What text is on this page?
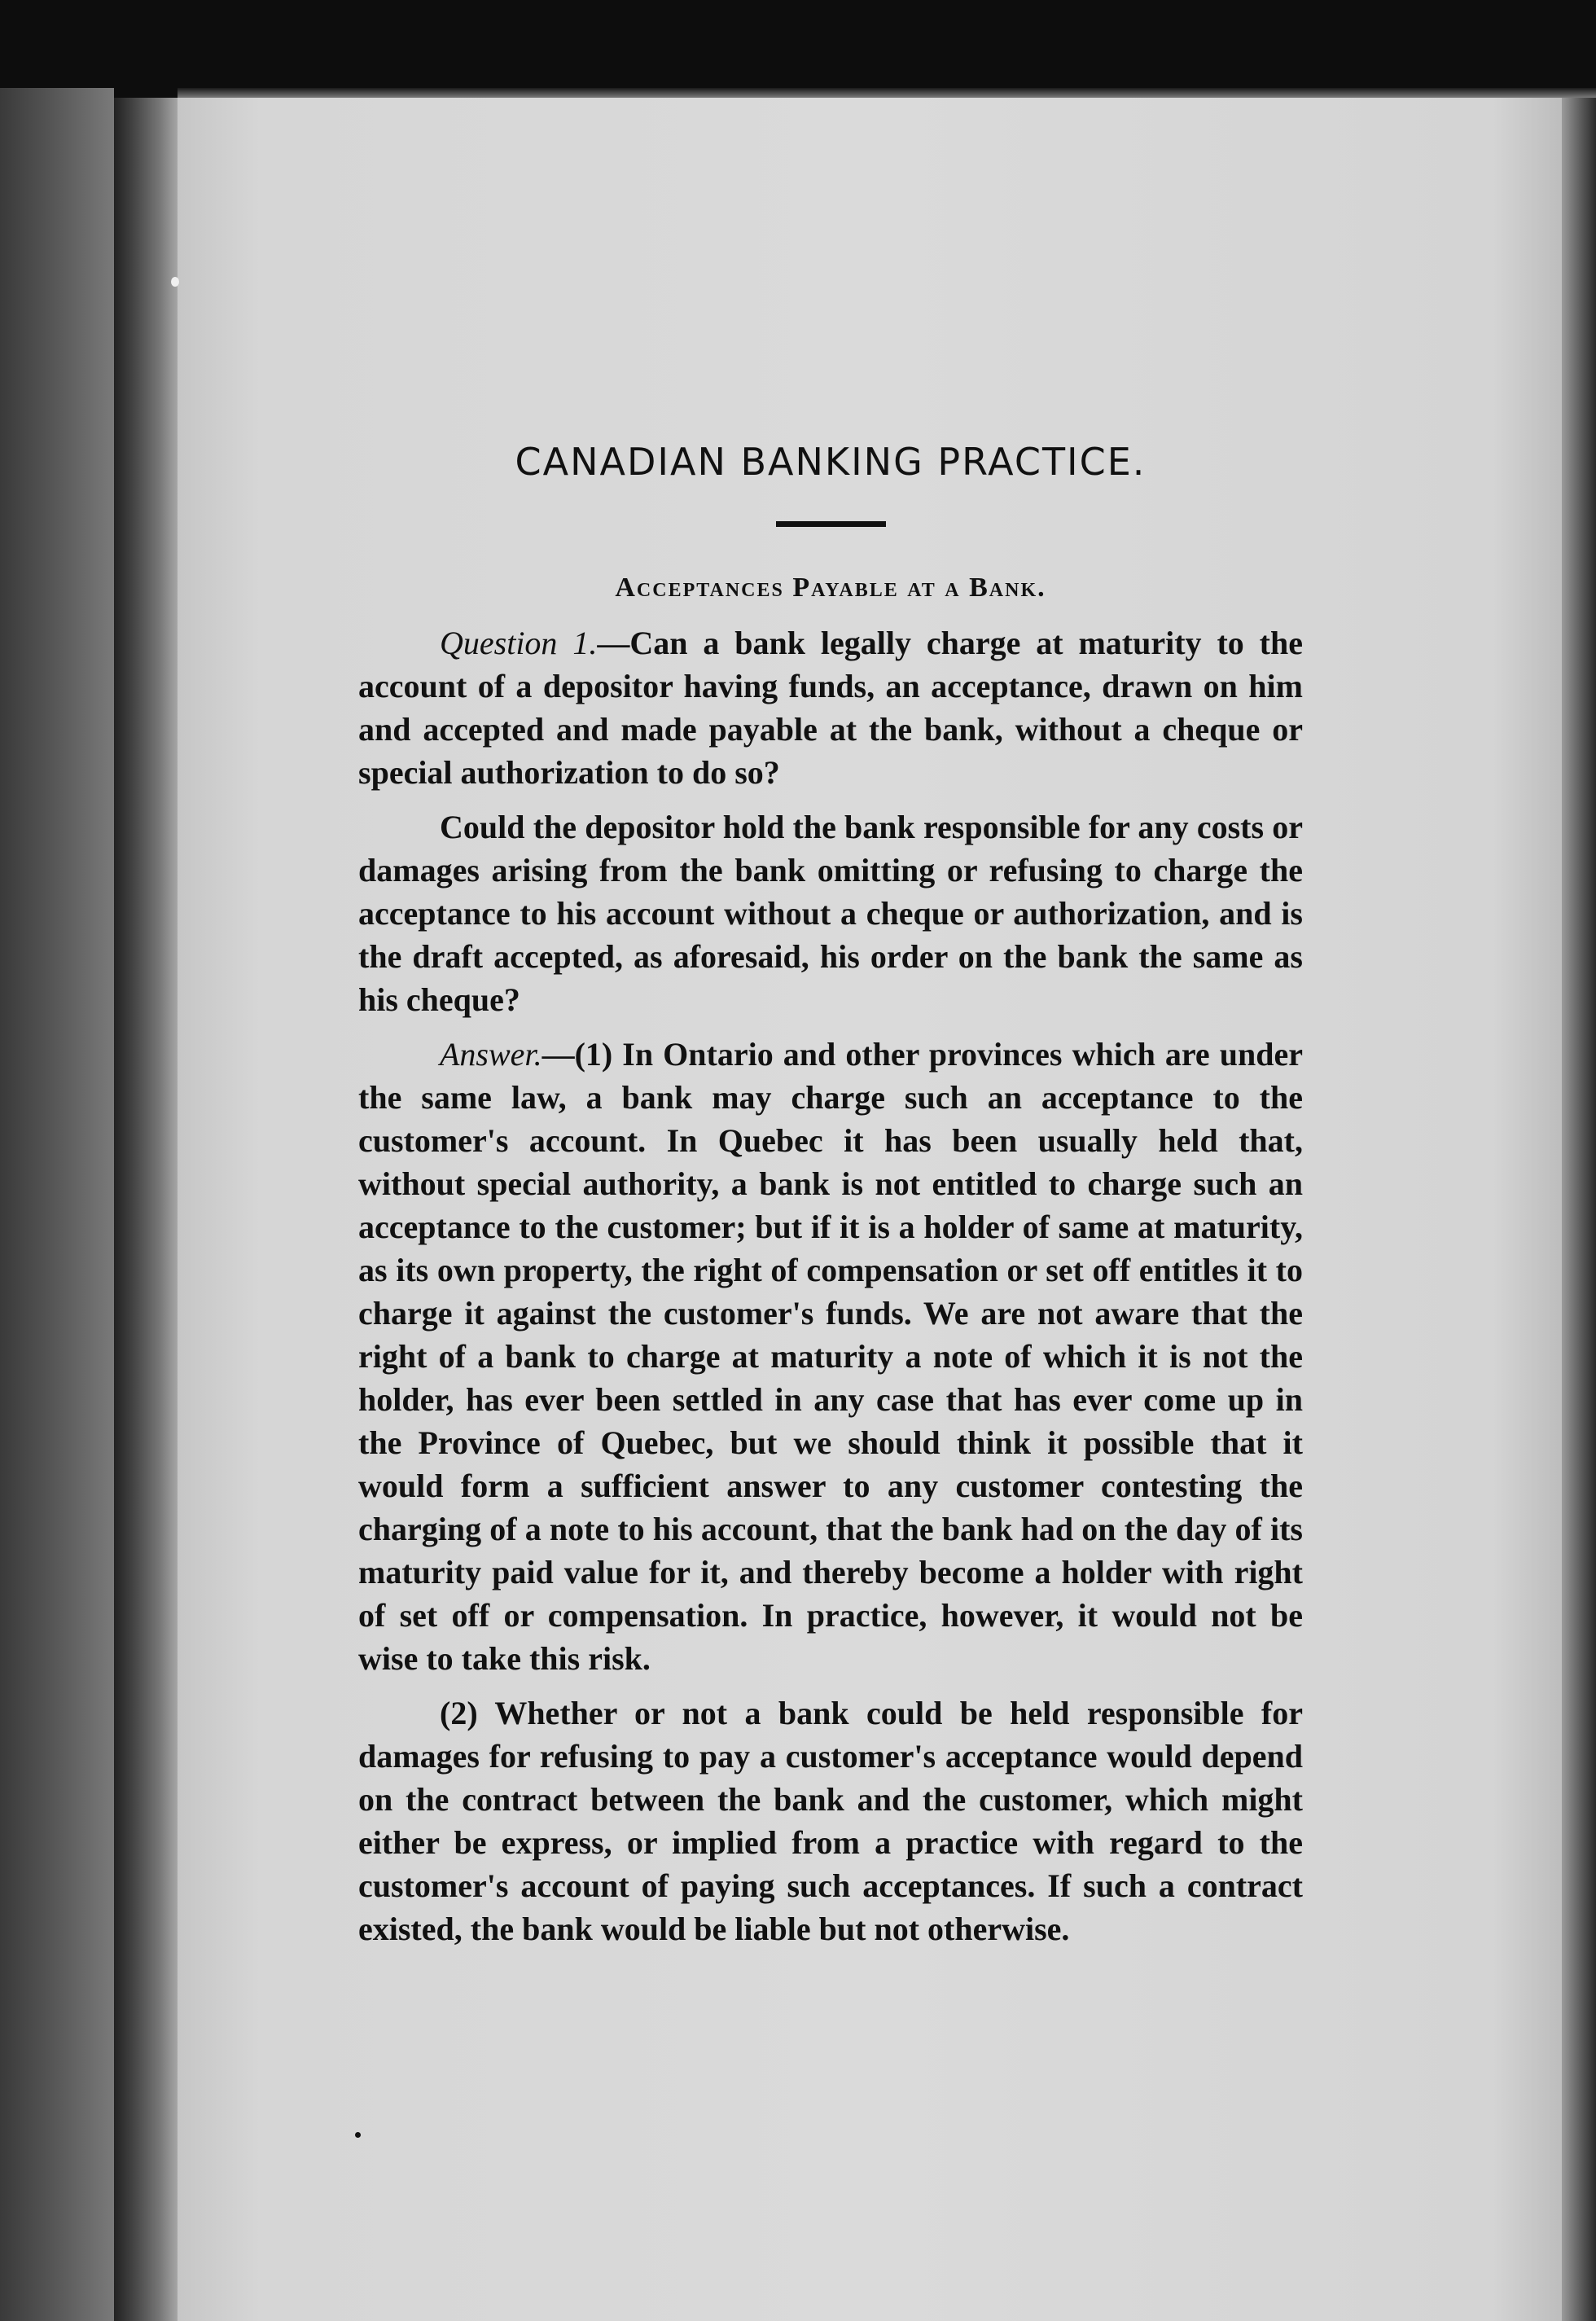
CANADIAN BANKING PRACTICE.
Acceptances Payable at a Bank.

Question 1.—Can a bank legally charge at maturity to the account of a depositor having funds, an acceptance, drawn on him and accepted and made payable at the bank, without a cheque or special authorization to do so?

Could the depositor hold the bank responsible for any costs or damages arising from the bank omitting or refusing to charge the acceptance to his account without a cheque or authorization, and is the draft accepted, as aforesaid, his order on the bank the same as his cheque?

Answer.—(1) In Ontario and other provinces which are under the same law, a bank may charge such an acceptance to the customer's account. In Quebec it has been usually held that, without special authority, a bank is not entitled to charge such an acceptance to the customer; but if it is a holder of same at maturity, as its own property, the right of compensation or set off entitles it to charge it against the customer's funds. We are not aware that the right of a bank to charge at maturity a note of which it is not the holder, has ever been settled in any case that has ever come up in the Province of Quebec, but we should think it possible that it would form a sufficient answer to any customer contesting the charging of a note to his account, that the bank had on the day of its maturity paid value for it, and thereby become a holder with right of set off or compensation. In practice, however, it would not be wise to take this risk.

(2) Whether or not a bank could be held responsible for damages for refusing to pay a customer's acceptance would depend on the contract between the bank and the customer, which might either be express, or implied from a practice with regard to the customer's account of paying such acceptances. If such a contract existed, the bank would be liable but not otherwise.
